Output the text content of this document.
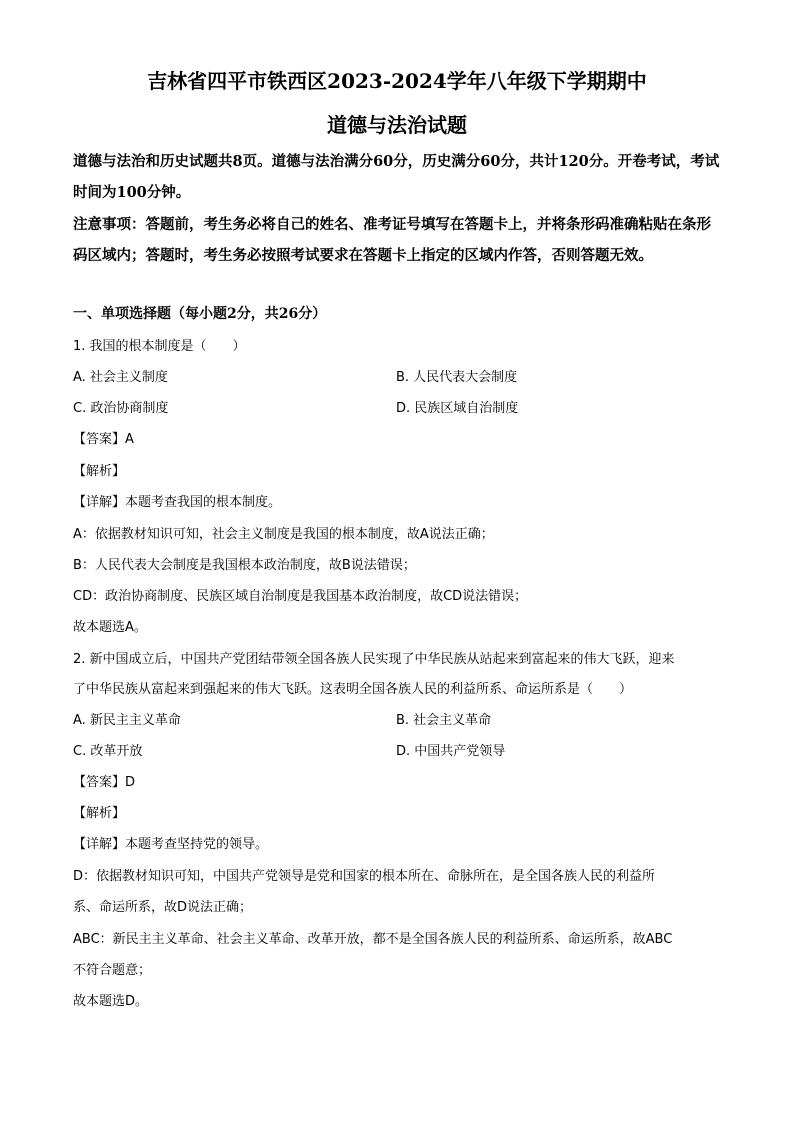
吉林省四平市铁西区2023-2024学年八年级下学期期中
道德与法治试题
道德与法治和历史试题共8页。道德与法治满分60分，历史满分60分，共计120分。开卷考试，考试时间为100分钟。
注意事项：答题前，考生务必将自己的姓名、准考证号填写在答题卡上，并将条形码准确粘贴在条形码区域内；答题时，考生务必按照考试要求在答题卡上指定的区域内作答，否则答题无效。
一、单项选择题（每小题2分，共26分）
1. 我国的根本制度是（　　）
A. 社会主义制度	B. 人民代表大会制度
C. 政治协商制度	D. 民族区域自治制度
【答案】A
【解析】
【详解】本题考查我国的根本制度。
A：依据教材知识可知，社会主义制度是我国的根本制度，故A说法正确；
B：人民代表大会制度是我国根本政治制度，故B说法错误；
CD：政治协商制度、民族区域自治制度是我国基本政治制度，故CD说法错误；
故本题选A。
2. 新中国成立后，中国共产党团结带领全国各族人民实现了中华民族从站起来到富起来的伟大飞跃，迎来
了中华民族从富起来到强起来的伟大飞跃。这表明全国各族人民的利益所系、命运所系是（　　）
A. 新民主主义革命	B. 社会主义革命
C. 改革开放	D. 中国共产党领导
【答案】D
【解析】
【详解】本题考查坚持党的领导。
D：依据教材知识可知，中国共产党领导是党和国家的根本所在、命脉所在，是全国各族人民的利益所
系、命运所系，故D说法正确；
ABC：新民主主义革命、社会主义革命、改革开放，都不是全国各族人民的利益所系、命运所系，故ABC
不符合题意；
故本题选D。
